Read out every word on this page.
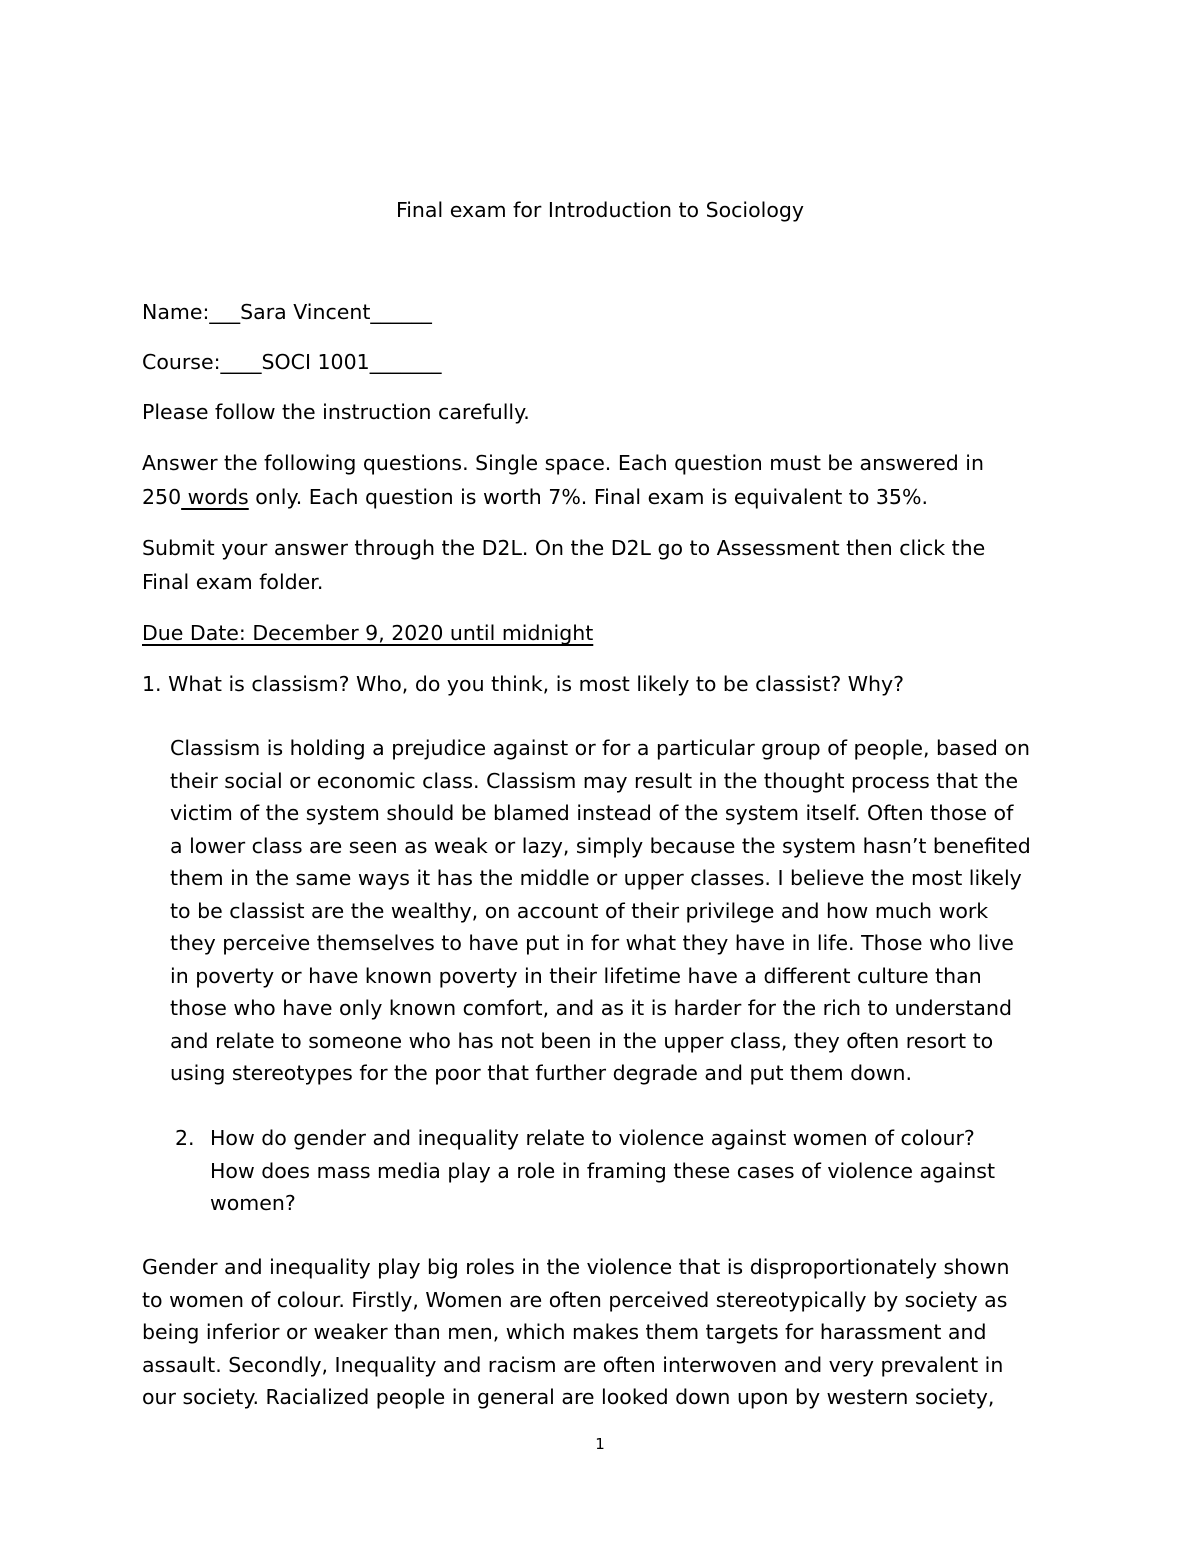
Final exam for Introduction to Sociology
Name:___Sara Vincent______
Course:____SOCI 1001_______
Please follow the instruction carefully.
Answer the following questions. Single space. Each question must be answered in
250 words only. Each question is worth 7%. Final exam is equivalent to 35%.
Submit your answer through the D2L. On the D2L go to Assessment then click the
Final exam folder.
Due Date: December 9, 2020 until midnight
1. What is classism? Who, do you think, is most likely to be classist? Why?
Classism is holding a prejudice against or for a particular group of people, based on
their social or economic class. Classism may result in the thought process that the
victim of the system should be blamed instead of the system itself. Often those of
a lower class are seen as weak or lazy, simply because the system hasn’t benefited
them in the same ways it has the middle or upper classes. I believe the most likely
to be classist are the wealthy, on account of their privilege and how much work
they perceive themselves to have put in for what they have in life. Those who live
in poverty or have known poverty in their lifetime have a different culture than
those who have only known comfort, and as it is harder for the rich to understand
and relate to someone who has not been in the upper class, they often resort to
using stereotypes for the poor that further degrade and put them down.
2. How do gender and inequality relate to violence against women of colour?
How does mass media play a role in framing these cases of violence against
women?
Gender and inequality play big roles in the violence that is disproportionately shown
to women of colour. Firstly, Women are often perceived stereotypically by society as
being inferior or weaker than men, which makes them targets for harassment and
assault. Secondly, Inequality and racism are often interwoven and very prevalent in
our society. Racialized people in general are looked down upon by western society,
1
